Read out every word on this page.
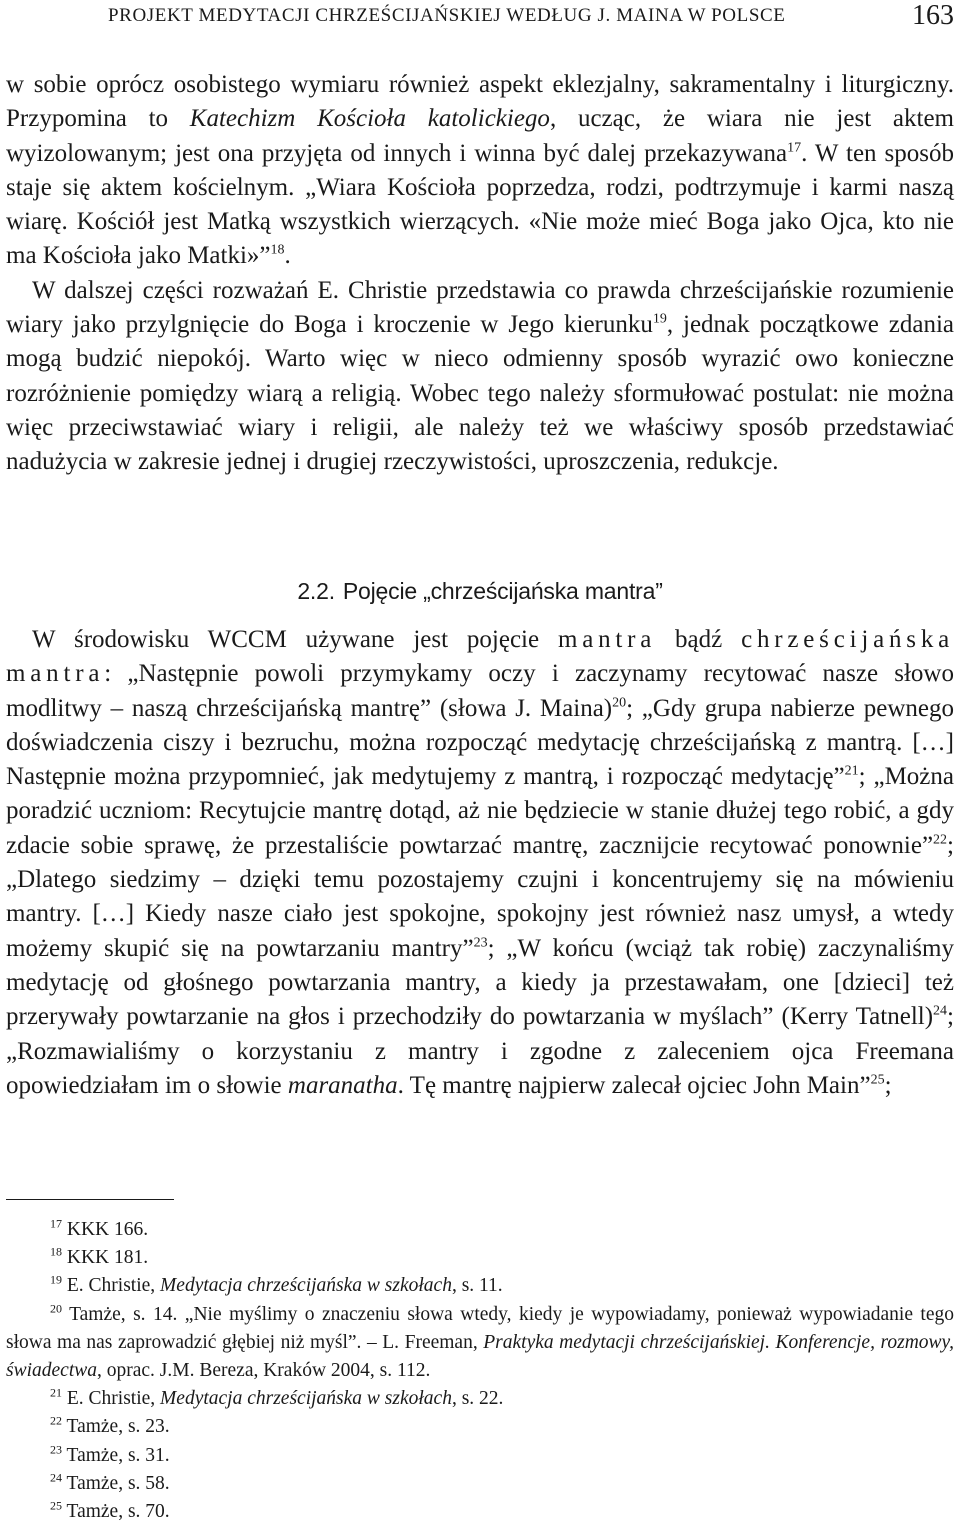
PROJEKT MEDYTACJI CHRZEŚCIJAŃSKIEJ WEDŁUG J. MAINA W POLSCE	163

w sobie oprócz osobistego wymiaru również aspekt eklezjalny, sakramentalny i liturgiczny. Przypomina to Katechizm Kościoła katolickiego, ucząc, że wiara nie jest aktem wyizolowanym; jest ona przyjęta od innych i winna być dalej przekazywana$^{17}$. W ten sposób staje się aktem kościelnym. „Wiara Kościoła poprzedza, rodzi, podtrzymuje i karmi naszą wiarę. Kościół jest Matką wszystkich wierzących. «Nie może mieć Boga jako Ojca, kto nie ma Kościoła jako Matki»”$^{18}$.

W dalszej części rozważań E. Christie przedstawia co prawda chrześcijańskie rozumienie wiary jako przylgnięcie do Boga i kroczenie w Jego kierunku$^{19}$, jednak początkowe zdania mogą budzić niepokój. Warto więc w nieco odmienny sposób wyrazić owo konieczne rozróżnienie pomiędzy wiarą a religią. Wobec tego należy sformułować postulat: nie można więc przeciwstawiać wiary i religii, ale należy też we właściwy sposób przedstawiać nadużycia w zakresie jednej i drugiej rzeczywistości, uproszczenia, redukcje.

2.2. Pojęcie „chrześcijańska mantra”

W środowisku WCCM używane jest pojęcie mantra bądź chrześcijańska mantra: „Następnie powoli przymykamy oczy i zaczynamy recytować nasze słowo modlitwy – naszą chrześcijańską mantrę” (słowa J. Maina)$^{20}$; „Gdy grupa nabierze pewnego doświadczenia ciszy i bezruchu, można rozpocząć medytację chrześcijańską z mantrą. […] Następnie można przypomnieć, jak medytujemy z mantrą, i rozpocząć medytację”$^{21}$; „Można poradzić uczniom: Recytujcie mantrę dotąd, aż nie będziecie w stanie dłużej tego robić, a gdy zdacie sobie sprawę, że przestaliście powtarzać mantrę, zacznijcie recytować ponownie”$^{22}$; „Dlatego siedzimy – dzięki temu pozostajemy czujni i koncentrujemy się na mówieniu mantry. […] Kiedy nasze ciało jest spokojne, spokojny jest również nasz umysł, a wtedy możemy skupić się na powtarzaniu mantry”$^{23}$; „W końcu (wciąż tak robię) zaczynaliśmy medytację od głośnego powtarzania mantry, a kiedy ja przestawałam, one [dzieci] też przerywały powtarzanie na głos i przechodziły do powtarzania w myślach” (Kerry Tatnell)$^{24}$; „Rozmawialiśmy o korzystaniu z mantry i zgodne z zaleceniem ojca Freemana opowiedziałam im o słowie maranatha. Tę mantrę najpierw zalecał ojciec John Main”$^{25}$;

$^{17}$ KKK 166.

$^{18}$ KKK 181.

$^{19}$ E. Christie, Medytacja chrześcijańska w szkołach, s. 11.

$^{20}$ Tamże, s. 14. „Nie myślimy o znaczeniu słowa wtedy, kiedy je wypowiadamy, ponieważ wypowiadanie tego słowa ma nas zaprowadzić głębiej niż myśl”. – L. Freeman, Praktyka medytacji chrześcijańskiej. Konferencje, rozmowy, świadectwa, oprac. J.M. Bereza, Kraków 2004, s. 112.

$^{21}$ E. Christie, Medytacja chrześcijańska w szkołach, s. 22.

$^{22}$ Tamże, s. 23.

$^{23}$ Tamże, s. 31.

$^{24}$ Tamże, s. 58.

$^{25}$ Tamże, s. 70.
